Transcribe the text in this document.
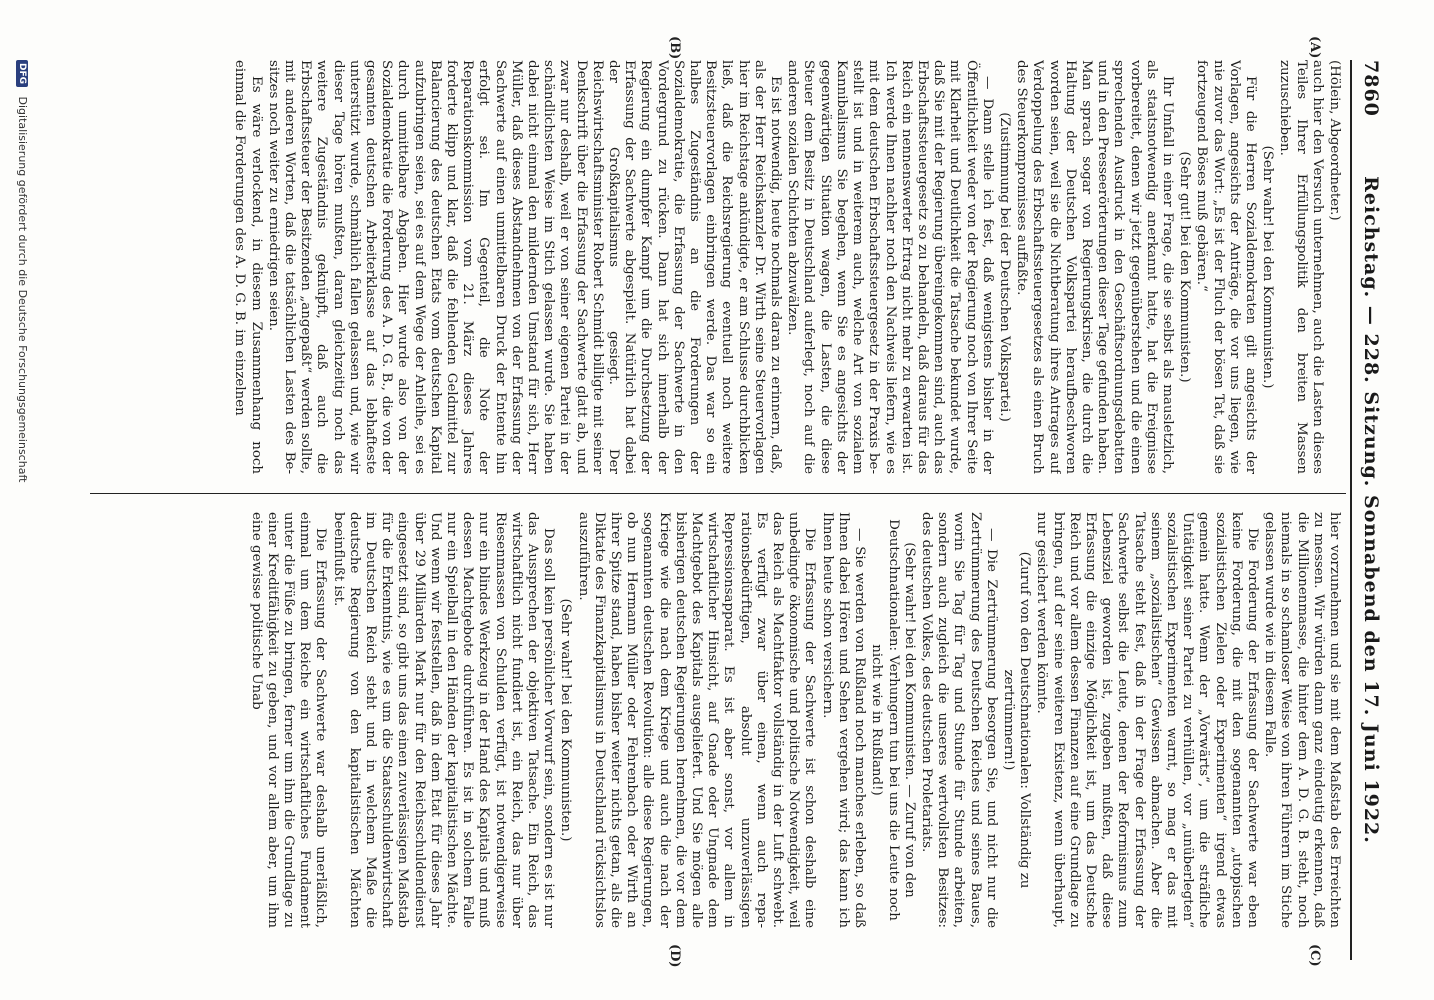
7860
Reichstag. — 228. Sitzung. Sonnabend den 17. Juni 1922.
(A)
(B)
(C)
(D)

(Hölein, Abgeordneter.)

auch hier den Versuch unternehmen, auch die Lasten dieses Teiles Ihrer Erfüllungspolitik den breiten Massen zuzuschieben.

(Sehr wahr! bei den Kommunisten.)

Für die Herren Sozialdemokraten gilt angesichts der Vorlagen, angesichts der Anträge, die vor uns liegen, wie nie zuvor das Wort: „Es ist der Fluch der bösen Tat, daß sie fortzeugend Böses muß gebären.“

(Sehr gut! bei den Kommunisten.)

Ihr Umfall in einer Frage, die sie selbst als mausletzlich, als staatsnotwendig anerkannt hatte, hat die Ereignisse vorbereitet, denen wir jetzt gegenüberstehen und die einen sprechenden Ausdruck in den Geschäftsordnungsdebatten und in den Presseerörterungen dieser Tage gefunden haben. Man sprach sogar von Regierungskrisen, die durch die Haltung der Deutschen Volkspartei heraufbeschworen worden seien, weil sie die Nichtberatung ihres Antrages auf Verdoppelung des Erbschaftssteuergesetzes als einen Bruch des Steuerkompromisses auffaßte.

(Zustimmung bei der Deutschen Volkspartei.)

— Dann stelle ich fest, daß wenigstens bisher in der Öffentlichkeit weder von der Regierung noch von Ihrer Seite mit Klarheit und Deutlichkeit die Tatsache bekundet wurde, daß Sie mit der Regierung übereingekommen sind, auch das Erbschaftssteuergesetz so zu behandeln, daß daraus für das Reich ein nennenswerter Ertrag nicht mehr zu erwarten ist. Ich werde Ihnen nachher noch den Nachweis liefern, wie es mit dem deutschen Erbschaftssteuergesetz in der Praxis bestellt ist und in weiterem auch, welche Art von sozialem Kannibalismus Sie begehen, wenn Sie es angesichts der gegenwärtigen Situation wagen, die Lasten, die diese Steuer dem Besitz in Deutschland auferlegt, noch auf die anderen sozialen Schichten abzuwälzen.

Es ist notwendig, heute nochmals daran zu erinnern, daß, als der Herr Reichskanzler Dr. Wirth seine Steuervorlagen hier im Reichstage ankündigte, er am Schlusse durchblicken ließ, daß die Reichsregierung eventuell noch weitere Besitzsteuervorlagen einbringen werde. Das war so ein halbes Zugeständnis an die Forderungen der Sozialdemokratie, die Erfassung der Sachwerte in den Vordergrund zu rücken. Dann hat sich innerhalb der Regierung ein dumpfer Kampf um die Durchsetzung der Erfassung der Sachwerte abgespielt. Natürlich hat dabei der Großkapitalismus gesiegt. Der Reichswirtschaftsminister Robert Schmidt billigte mit seiner Denkschrift über die Erfassung der Sachwerte glatt ab, und zwar nur deshalb, weil er von seiner eigenen Partei in der schändlichsten Weise im Stich gelassen wurde. Sie haben dabei nicht einmal den mildernden Umstand für sich, Herr Müller, daß dieses Abstandnehmen von der Erfassung der Sachwerte auf einen unmittelbaren Druck der Entente hin erfolgt sei. Im Gegenteil, die Note der Reparationskommission vom 21. März dieses Jahres forderte klipp und klar, daß die fehlenden Geldmittel zur Balancierung des deutschen Etats vom deutschen Kapital aufzubringen seien, sei es auf dem Wege der Anleihe, sei es durch unmittelbare Abgaben. Hier wurde also von der Sozialdemokratie die Forderung des A. D. G. B., die von der gesamten deutschen Arbeiterklasse auf das lebhafteste unterstützt wurde, schmählich fallen gelassen und, wie wir dieser Tage hören mußten, daran gleichzeitig noch das weitere Zugeständnis geknüpft, daß auch die Erbschaftssteuer der Besitzenden „angepaßt“ werden sollte, mit anderen Worten, daß die tatsächlichen Lasten des Besitzes noch weiter zu erniedrigen seien.

Es wäre verlockend, in diesem Zusammenhang noch einmal die Forderungen des A. D. G. B. im einzelnen

hier vorzunehmen und sie mit dem Maßstab des Erreichten zu messen. Wir würden dann ganz eindeutig erkennen, daß die Millionenmasse, die hinter dem A. D. G. B. steht, noch niemals in so schamloser Weise von ihren Führern im Stiche gelassen wurde wie in diesem Falle.

Die Forderung der Erfassung der Sachwerte war eben keine Forderung, die mit den sogenannten „utopischen sozialistischen Zielen oder Experimenten“ irgend etwas gemein hatte. Wenn der „Vorwärts“, um die sträfliche Untätigkeit seiner Partei zu verhüllen, vor „unüberlegten“ sozialistischen Experimenten warnt, so mag er das mit seinem „sozialistischen“ Gewissen abmachen. Aber die Tatsache steht fest, daß in der Frage der Erfassung der Sachwerte selbst die Leute, denen der Reformismus zum Lebensziel geworden ist, zugeben mußten, daß diese Erfassung die einzige Möglichkeit ist, um das Deutsche Reich und vor allem dessen Finanzen auf eine Grundlage zu bringen, auf der seine weiteren Existenz, wenn überhaupt, nur gesichert werden könnte.

(Zuruf von den Deutschnationalen: Vollständig zu zertrümmern!)

— Die Zertrümmerung besorgen Sie, und nicht nur die Zertrümmerung des Deutschen Reiches und seines Baues, worin Sie Tag für Tag und Stunde für Stunde arbeiten, sondern auch zugleich die unseres wertvollsten Besitzes: des deutschen Volkes, des deutschen Proletariats.

(Sehr wahr! bei den Kommunisten. — Zuruf von den Deutschnationalen: Verhungern tun bei uns die Leute noch nicht wie in Rußland!)

— Sie werden von Rußland noch manches erleben, so daß Ihnen dabei Hören und Sehen vergehen wird; das kann ich Ihnen heute schon versichern.

Die Erfassung der Sachwerte ist schon deshalb eine unbedingte ökonomische und politische Notwendigkeit, weil das Reich als Machtfaktor vollständig in der Luft schwebt. Es verfügt zwar über einen, wenn auch reparationsbedürftigen, absolut unzuverlässigen Repressionsapparat. Es ist aber sonst, vor allem in wirtschaftlicher Hinsicht, auf Gnade oder Ungnade dem Machtgebot des Kapitals ausgeliefert. Und Sie mögen alle bisherigen deutschen Regierungen hernehmen, die vor dem Kriege wie die nach dem Kriege und auch die nach der sogenannten deutschen Revolution: alle diese Regierungen, ob nun Hermann Müller oder Fehrenbach oder Wirth an ihrer Spitze stand, haben bisher weiter nichts getan, als die Diktate des Finanzkapitalismus in Deutschland rücksichtslos auszuführen.

(Sehr wahr! bei den Kommunisten.)

Das soll kein persönlicher Vorwurf sein, sondern es ist nur das Aussprechen der objektiven Tatsache. Ein Reich, das wirtschaftlich nicht fundiert ist, ein Reich, das nur über Riesenmassen von Schulden verfügt, ist notwendigerweise nur ein blindes Werkzeug in der Hand des Kapitals und muß dessen Machtgebote durchführen. Es ist in solchem Falle nur ein Spielball in den Händen der kapitalistischen Mächte. Und wenn wir feststellen, daß in dem Etat für dieses Jahr über 29 Milliarden Mark nur für den Reichsschuldendienst eingesetzt sind, so gibt uns das einen zuverlässigen Maßstab für die Erkenntnis, wie es um die Staatsschuldenwirtschaft im Deutschen Reich steht und in welchem Maße die deutsche Regierung von den kapitalistischen Mächten beeinflußt ist.

Die Erfassung der Sachwerte war deshalb unerläßlich, einmal um dem Reiche ein wirtschaftliches Fundament unter die Füße zu bringen, ferner um ihm die Grundlage zu einer Kreditfähigkeit zu geben, und vor allem aber, um ihm eine gewisse politische Unab

DFG Digitalisierung gefördert durch die Deutsche Forschungsgemeinschaft
